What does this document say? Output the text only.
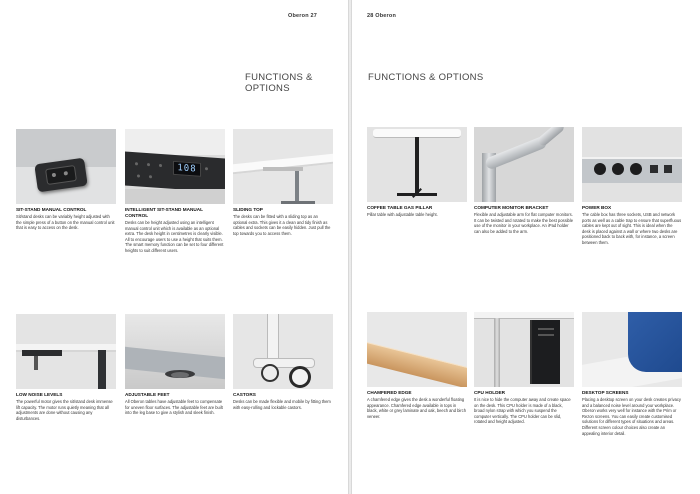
Oberon 27
FUNCTIONS & OPTIONS
SIT-STAND MANUAL CONTROL
Sit/stand desks can be variably height adjusted with the simple press of a button on the manual control unit that is easy to access on the desk.
108
INTELLIGENT SIT-STAND MANUAL CONTROL
Desks can be height adjusted using an intelligent manual control unit which is available as an optional extra. The desk height in centimetres is clearly visible. All to encourage users to use a height that suits them. The smart memory function can be set to four different heights to suit different users.
SLIDING TOP
The desks can be fitted with a sliding top as an optional extra. This gives it a clean and tidy finish as cables and sockets can be easily hidden. Just pull the top towards you to access them.
LOW NOISE LEVELS
The powerful motor gives the sit/stand desk immense lift capacity. The motor runs quietly meaning that all adjustments are done without causing any disturbances.
ADJUSTABLE FEET
All Oberon tables have adjustable feet to compensate for uneven floor surfaces. The adjustable feet are built into the leg base to give a stylish and sleek finish.
CASTORS
Desks can be made flexible and mobile by fitting them with easy-rolling and lockable castors.
28 Oberon
FUNCTIONS & OPTIONS
COFFEE TABLE GAS PILLAR
Pillar table with adjustable table height.
COMPUTER MONITOR BRACKET
Flexible and adjustable arm for flat computer monitors. It can be twisted and rotated to make the best possible use of the monitor in your workplace. An iPad holder can also be added to the arm.
POWER BOX
The cable box has three sockets, USB and network ports as well as a cable trap to ensure that superfluous cables are kept out of sight. This is ideal when the desk is placed against a wall or where two desks are positioned back to back with, for instance, a screen between them.
CHAMFERED EDGE
A chamfered edge gives the desk a wonderful floating appearance. Chamfered edge available in tops in black, white or grey laminate and oak, beech and birch veneer.
CPU HOLDER
It is nice to hide the computer away and create space on the desk. This CPU holder is made of a black, broad nylon strap with which you suspend the computer vertically. The CPU holder can be slid, rotated and height adjusted.
DESKTOP SCREENS
Placing a desktop screen on your desk creates privacy and a balanced noise level around your workplace. Oberon works very well for instance with the Prim or Rezon screens. You can easily create customised solutions for different types of situations and areas. Different screen colour choices also create an appealing interior detail.
